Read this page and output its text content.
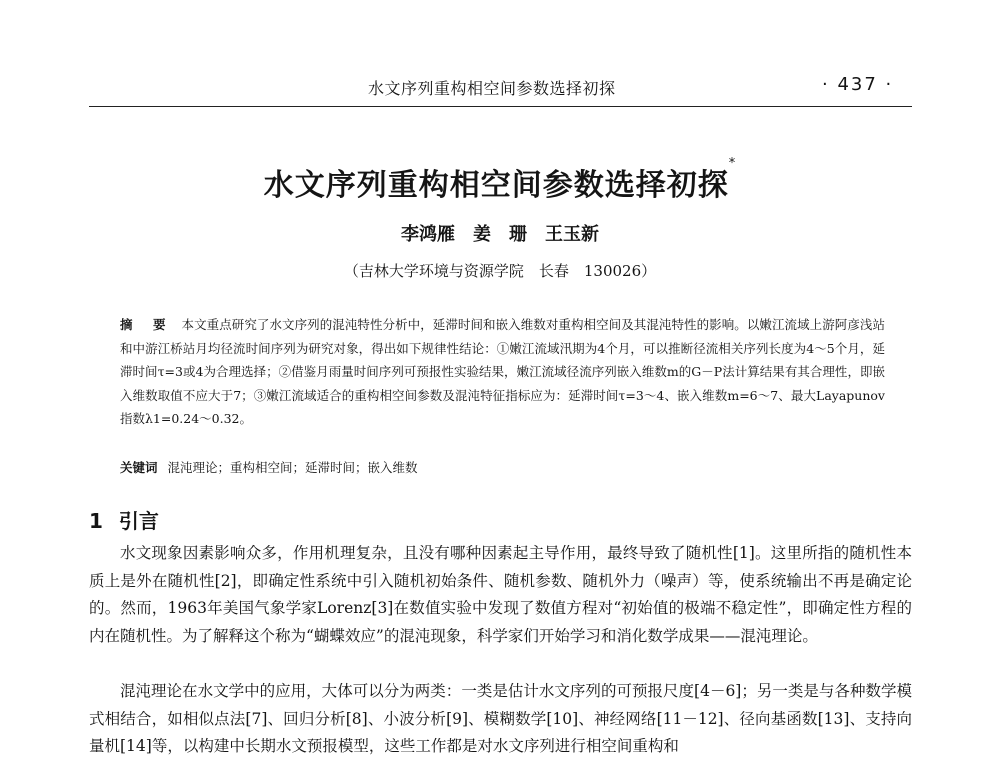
水文序列重构相空间参数选择初探	· 437 ·
水文序列重构相空间参数选择初探*
李鸿雁　姜　珊　王玉新
（吉林大学环境与资源学院　长春　130026）
摘 要 本文重点研究了水文序列的混沌特性分析中，延滞时间和嵌入维数对重构相空间及其混沌特性的影响。以嫩江流域上游阿彦浅站和中游江桥站月均径流时间序列为研究对象，得出如下规律性结论：①嫩江流域汛期为4个月，可以推断径流相关序列长度为4～5个月，延滞时间τ=3或4为合理选择；②借鉴月雨量时间序列可预报性实验结果，嫩江流域径流序列嵌入维数m的G－P法计算结果有其合理性，即嵌入维数取值不应大于7；③嫩江流域适合的重构相空间参数及混沌特征指标应为：延滞时间τ=3～4、嵌入维数m=6～7、最大Layapunov指数λ1=0.24～0.32。
关键词 混沌理论；重构相空间；延滞时间；嵌入维数
1 引言
水文现象因素影响众多，作用机理复杂，且没有哪种因素起主导作用，最终导致了随机性[1]。这里所指的随机性本质上是外在随机性[2]，即确定性系统中引入随机初始条件、随机参数、随机外力（噪声）等，使系统输出不再是确定论的。然而，1963年美国气象学家Lorenz[3]在数值实验中发现了数值方程对“初始值的极端不稳定性”，即确定性方程的内在随机性。为了解释这个称为“蝴蝶效应”的混沌现象，科学家们开始学习和消化数学成果——混沌理论。
混沌理论在水文学中的应用，大体可以分为两类：一类是估计水文序列的可预报尺度[4－6]；另一类是与各种数学模式相结合，如相似点法[7]、回归分析[8]、小波分析[9]、模糊数学[10]、神经网络[11－12]、径向基函数[13]、支持向量机[14]等，以构建中长期水文预报模型，这些工作都是对水文序列进行相空间重构和
